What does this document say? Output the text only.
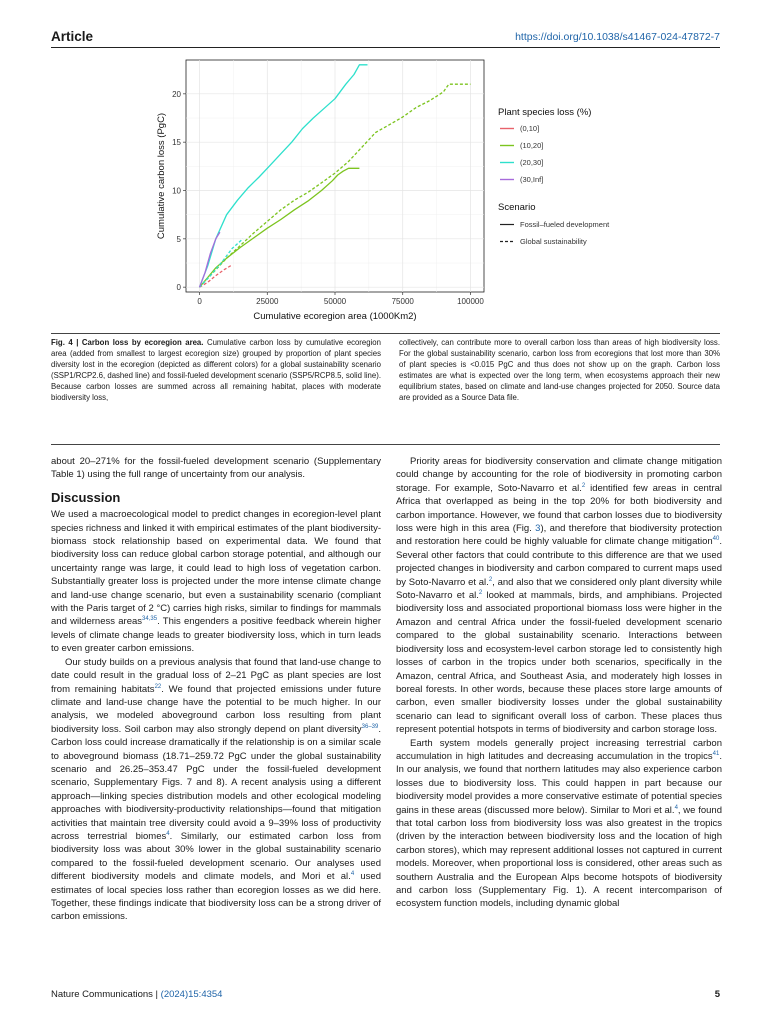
Article	https://doi.org/10.1038/s41467-024-47872-7
0	25000	50000	75000	100000
0
5
10
15
20
Cumulative ecoregion area (1000Km2)
Cumulative carbon loss (PgC)
Plant species loss (%)
(0,10]
(10,20]
(20,30]
(30,Inf]
Scenario
Fossil–fueled development
Global sustainability
Fig. 4 | Carbon loss by ecoregion area. Cumulative carbon loss by cumulative ecoregion area (added from smallest to largest ecoregion size) grouped by proportion of plant species diversity lost in the ecoregion (depicted as different colors) for a global sustainability scenario (SSP1/RCP2.6, dashed line) and fossil-fueled development scenario (SSP5/RCP8.5, solid line). Because carbon losses are summed across all remaining habitat, places with moderate biodiversity loss,
collectively, can contribute more to overall carbon loss than areas of high biodiversity loss. For the global sustainability scenario, carbon loss from ecoregions that lost more than 30% of plant species is <0.015 PgC and thus does not show up on the graph. Carbon loss estimates are what is expected over the long term, when ecosystems approach their new equilibrium states, based on climate and land-use changes projected for 2050. Source data are provided as a Source Data file.

about 20–271% for the fossil-fueled development scenario (Supplementary Table 1) using the full range of uncertainty from our analysis.

Discussion

We used a macroecological model to predict changes in ecoregion-level plant species richness and linked it with empirical estimates of the plant biodiversity-biomass stock relationship based on experimental data. We found that biodiversity loss can reduce global carbon storage potential, and although our uncertainty range was large, it could lead to high loss of vegetation carbon. Substantially greater loss is projected under the more intense climate change and land-use change scenario, but even a sustainability scenario (compliant with the Paris target of 2 °C) carries high risks, similar to findings for mammals and wilderness areas$^{34,35}$. This engenders a positive feedback wherein higher levels of climate change leads to greater biodiversity loss, which in turn leads to even greater carbon emissions.

Our study builds on a previous analysis that found that land-use change to date could result in the gradual loss of 2–21 PgC as plant species are lost from remaining habitats$^{22}$. We found that projected emissions under future climate and land-use change have the potential to be much higher. In our analysis, we modeled aboveground carbon loss resulting from plant biodiversity loss. Soil carbon may also strongly depend on plant diversity$^{36-39}$. Carbon loss could increase dramatically if the relationship is on a similar scale to aboveground biomass (18.71–259.72 PgC under the global sustainability scenario and 26.25–353.47 PgC under the fossil-fueled development scenario, Supplementary Figs. 7 and 8). A recent analysis using a different approach—linking species distribution models and other ecological modeling approaches with biodiversity-productivity relationships—found that mitigation activities that maintain tree diversity could avoid a 9–39% loss of productivity across terrestrial biomes$^4$. Similarly, our estimated carbon loss from biodiversity loss was about 30% lower in the global sustainability scenario compared to the fossil-fueled development scenario. Our analyses used different biodiversity models and climate models, and Mori et al.$^4$ used estimates of local species loss rather than ecoregion losses as we did here. Together, these findings indicate that biodiversity loss can be a strong driver of carbon emissions.

Priority areas for biodiversity conservation and climate change mitigation could change by accounting for the role of biodiversity in promoting carbon storage. For example, Soto-Navarro et al.$^2$ identified few areas in central Africa that overlapped as being in the top 20% for both biodiversity and carbon importance. However, we found that carbon losses due to biodiversity loss were high in this area (Fig. 3), and therefore that biodiversity protection and restoration here could be highly valuable for climate change mitigation$^{40}$. Several other factors that could contribute to this difference are that we used projected changes in biodiversity and carbon compared to current maps used by Soto-Navarro et al.$^2$, and also that we considered only plant diversity while Soto-Navarro et al.$^2$ looked at mammals, birds, and amphibians. Projected biodiversity loss and associated proportional biomass loss were higher in the Amazon and central Africa under the fossil-fueled development scenario compared to the global sustainability scenario. Interactions between biodiversity loss and ecosystem-level carbon storage led to consistently high losses of carbon in the tropics under both scenarios, specifically in the Amazon, central Africa, and Southeast Asia, and moderately high losses in boreal forests. In other words, because these places store large amounts of carbon, even smaller biodiversity losses under the global sustainability scenario can lead to significant overall loss of carbon. These places thus represent potential hotspots in terms of biodiversity and carbon storage loss.

Earth system models generally project increasing terrestrial carbon accumulation in high latitudes and decreasing accumulation in the tropics$^{41}$. In our analysis, we found that northern latitudes may also experience carbon losses due to biodiversity loss. This could happen in part because our biodiversity model provides a more conservative estimate of potential species gains in these areas (discussed more below). Similar to Mori et al.$^4$, we found that total carbon loss from biodiversity loss was also greatest in the tropics (driven by the interaction between biodiversity loss and the location of high carbon stores), which may represent additional losses not captured in current models. Moreover, when proportional loss is considered, other areas such as southern Australia and the European Alps become hotspots of biodiversity and carbon loss (Supplementary Fig. 1). A recent intercomparison of ecosystem function models, including dynamic global

Nature Communications | (2024)15:4354	5
